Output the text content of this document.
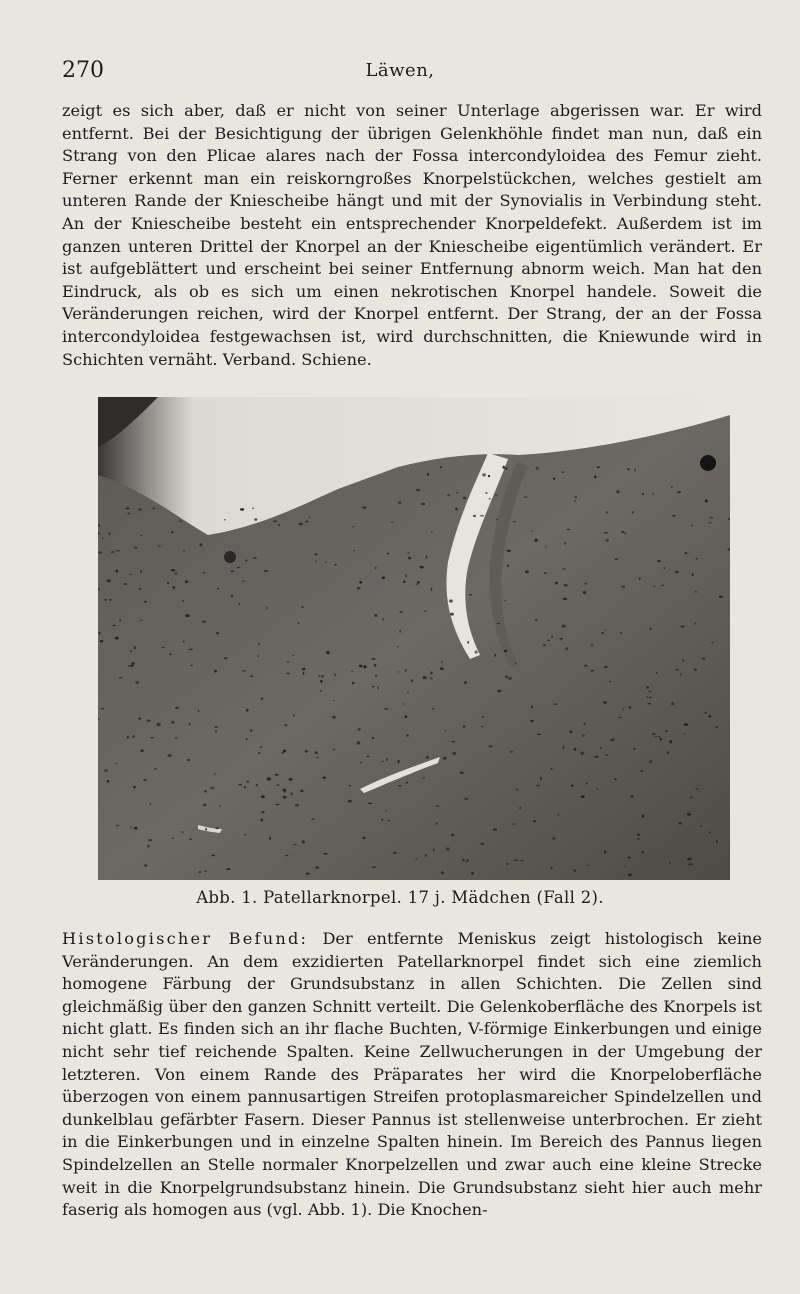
270	Läwen,

zeigt es sich aber, daß er nicht von seiner Unterlage abgerissen war. Er wird entfernt. Bei der Besichtigung der übrigen Gelenkhöhle findet man nun, daß ein Strang von den Plicae alares nach der Fossa intercondyloidea des Femur zieht. Ferner erkennt man ein reiskorngroßes Knorpelstückchen, welches gestielt am unteren Rande der Kniescheibe hängt und mit der Synovialis in Verbindung steht. An der Kniescheibe besteht ein entsprechender Knorpeldefekt. Außerdem ist im ganzen unteren Drittel der Knorpel an der Kniescheibe eigentümlich verändert. Er ist aufgeblättert und erscheint bei seiner Entfernung abnorm weich. Man hat den Eindruck, als ob es sich um einen nekrotischen Knorpel handele. Soweit die Veränderungen reichen, wird der Knorpel entfernt. Der Strang, der an der Fossa intercondyloidea festgewachsen ist, wird durchschnitten, die Kniewunde wird in Schichten vernäht. Verband. Schiene.

Abb. 1. Patellarknorpel. 17 j. Mädchen (Fall 2).

Histologischer Befund: Der entfernte Meniskus zeigt histologisch keine Veränderungen. An dem exzidierten Patellarknorpel findet sich eine ziemlich homogene Färbung der Grundsubstanz in allen Schichten. Die Zellen sind gleichmäßig über den ganzen Schnitt verteilt. Die Gelenkoberfläche des Knorpels ist nicht glatt. Es finden sich an ihr flache Buchten, V-förmige Einkerbungen und einige nicht sehr tief reichende Spalten. Keine Zellwucherungen in der Umgebung der letzteren. Von einem Rande des Präparates her wird die Knorpeloberfläche überzogen von einem pannusartigen Streifen protoplasmareicher Spindelzellen und dunkelblau gefärbter Fasern. Dieser Pannus ist stellenweise unterbrochen. Er zieht in die Einkerbungen und in einzelne Spalten hinein. Im Bereich des Pannus liegen Spindelzellen an Stelle normaler Knorpelzellen und zwar auch eine kleine Strecke weit in die Knorpelgrundsubstanz hinein. Die Grundsubstanz sieht hier auch mehr faserig als homogen aus (vgl. Abb. 1). Die Knochen-
